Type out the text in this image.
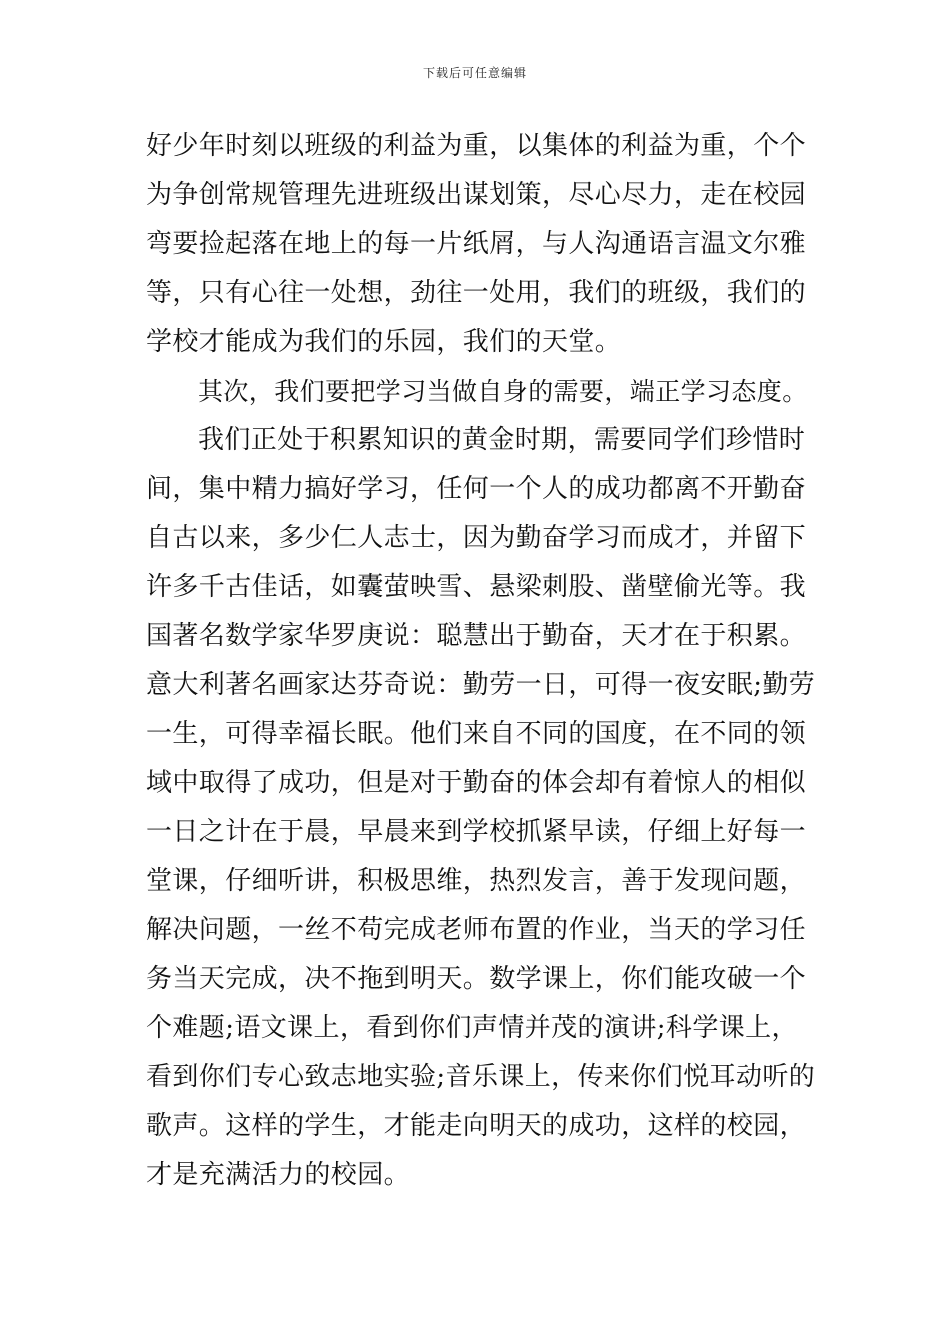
下载后可任意编辑
好少年时刻以班级的利益为重，以集体的利益为重，个个
为争创常规管理先进班级出谋划策，尽心尽力，走在校园
弯要捡起落在地上的每一片纸屑，与人沟通语言温文尔雅
等，只有心往一处想，劲往一处用，我们的班级，我们的
学校才能成为我们的乐园，我们的天堂。
其次，我们要把学习当做自身的需要，端正学习态度。
我们正处于积累知识的黄金时期，需要同学们珍惜时
间，集中精力搞好学习，任何一个人的成功都离不开勤奋
自古以来，多少仁人志士，因为勤奋学习而成才，并留下
许多千古佳话，如囊萤映雪、悬梁刺股、凿壁偷光等。我
国著名数学家华罗庚说：聪慧出于勤奋，天才在于积累。
意大利著名画家达芬奇说：勤劳一日，可得一夜安眠;勤劳
一生，可得幸福长眠。他们来自不同的国度，在不同的领
域中取得了成功，但是对于勤奋的体会却有着惊人的相似
一日之计在于晨，早晨来到学校抓紧早读，仔细上好每一
堂课，仔细听讲，积极思维，热烈发言，善于发现问题，
解决问题，一丝不苟完成老师布置的作业，当天的学习任
务当天完成，决不拖到明天。数学课上，你们能攻破一个
个难题;语文课上，看到你们声情并茂的演讲;科学课上，
看到你们专心致志地实验;音乐课上，传来你们悦耳动听的
歌声。这样的学生，才能走向明天的成功，这样的校园，
才是充满活力的校园。
